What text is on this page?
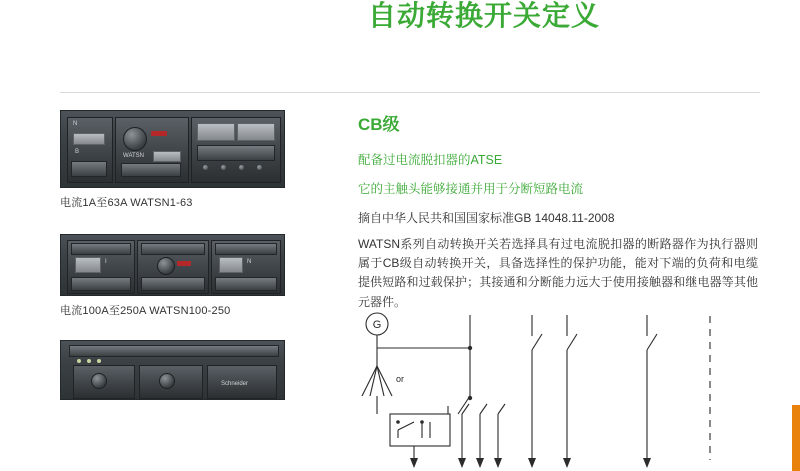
自动转换开关定义
N
B
WATSN
电流1A至63A WATSN1-63
I	N
电流100A至250A WATSN100-250
Schneider
CB级
配备过电流脱扣器的ATSE
它的主触头能够接通并用于分断短路电流
摘自中华人民共和国国家标准GB 14048.11-2008
WATSN系列自动转换开关若选择具有过电流脱扣器的断路器作为执行器则属于CB级自动转换开关，具备选择性的保护功能，能对下端的负荷和电缆提供短路和过载保护；其接通和分断能力远大于使用接触器和继电器等其他元器件。
G
or
